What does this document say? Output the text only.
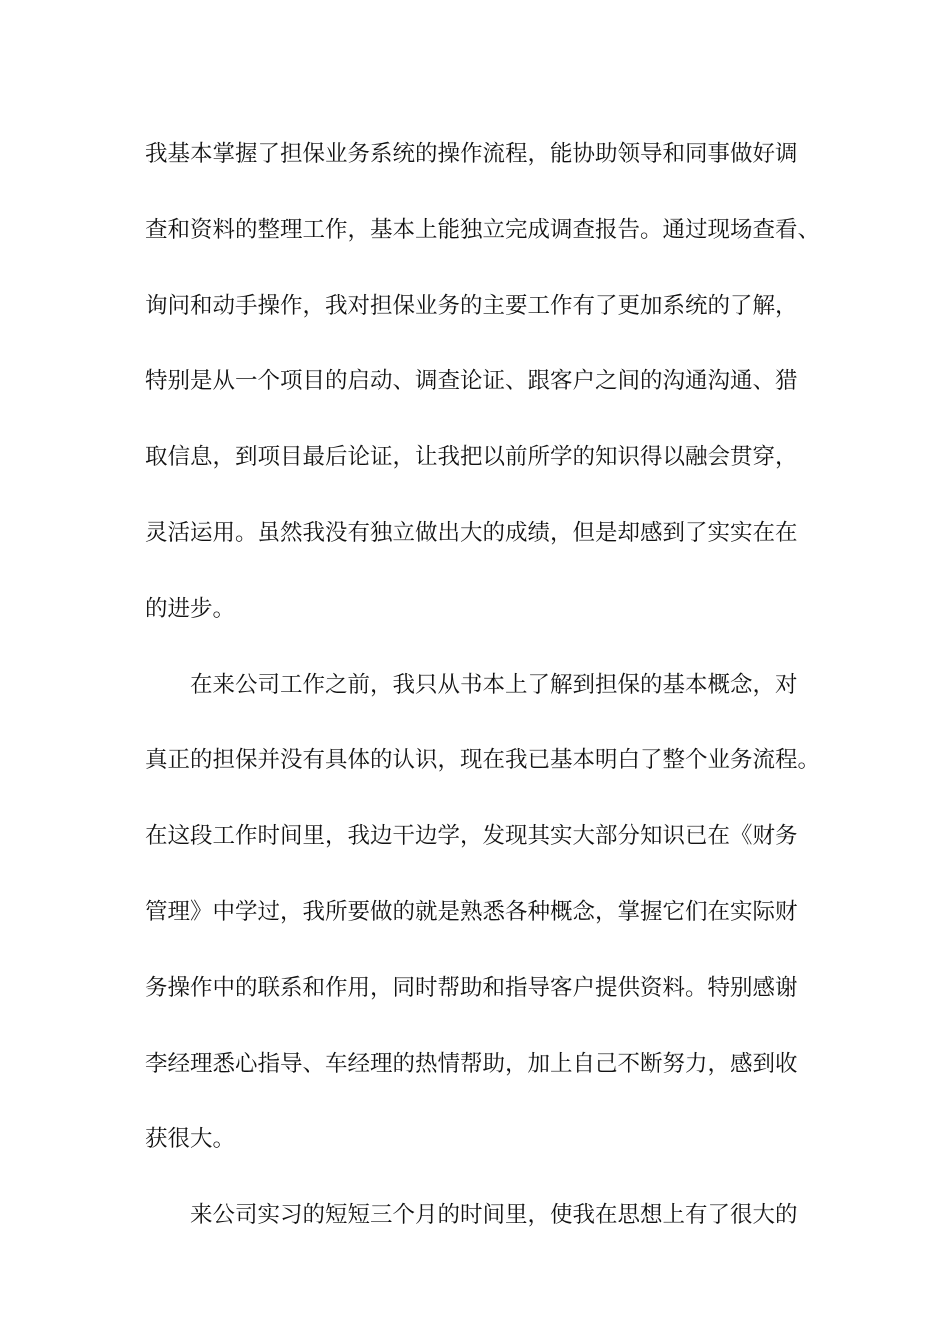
我基本掌握了担保业务系统的操作流程，能协助领导和同事做好调
查和资料的整理工作，基本上能独立完成调查报告。通过现场查看、
询问和动手操作，我对担保业务的主要工作有了更加系统的了解，
特别是从一个项目的启动、调查论证、跟客户之间的沟通沟通、猎
取信息，到项目最后论证，让我把以前所学的知识得以融会贯穿，
灵活运用。虽然我没有独立做出大的成绩，但是却感到了实实在在
的进步。
在来公司工作之前，我只从书本上了解到担保的基本概念，对
真正的担保并没有具体的认识，现在我已基本明白了整个业务流程。
在这段工作时间里，我边干边学，发现其实大部分知识已在《财务
管理》中学过，我所要做的就是熟悉各种概念，掌握它们在实际财
务操作中的联系和作用，同时帮助和指导客户提供资料。特别感谢
李经理悉心指导、车经理的热情帮助，加上自己不断努力，感到收
获很大。
来公司实习的短短三个月的时间里，使我在思想上有了很大的
